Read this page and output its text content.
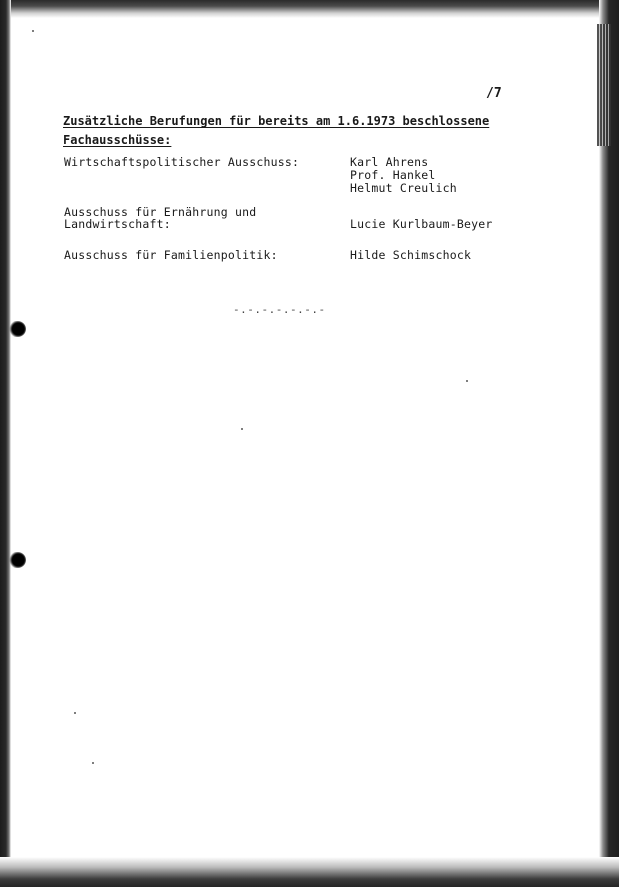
/7
Zusätzliche Berufungen für bereits am 1.6.1973 beschlossene
Fachausschüsse:
Wirtschaftspolitischer Ausschuss:	Karl Ahrens
Prof. Hankel
Helmut Creulich
Ausschuss für Ernährung und
Landwirtschaft:	Lucie Kurlbaum-Beyer
Ausschuss für Familienpolitik:	Hilde Schimschock
-.-.-.-.-.-.-
